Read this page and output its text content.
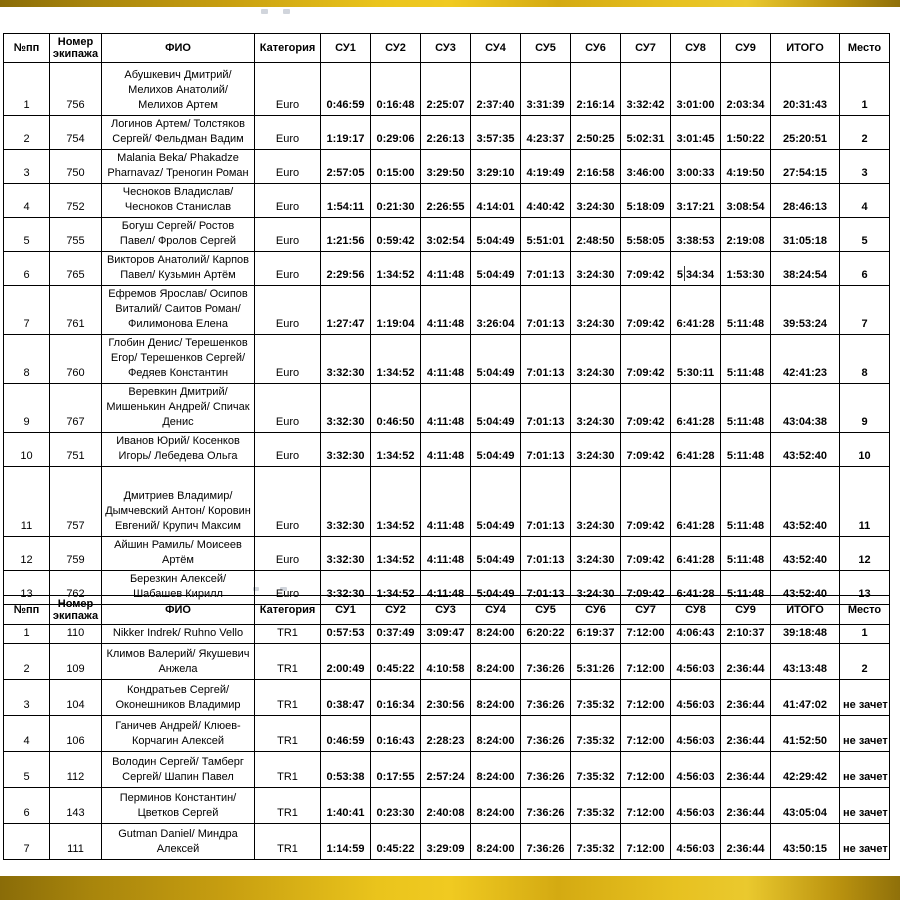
№пп	Номер экипажа	ФИО	Категория	СУ1	СУ2	СУ3	СУ4	СУ5	СУ6	СУ7	СУ8	СУ9	ИТОГО	Место
1	756	Абушкевич Дмитрий/ Мелихов Анатолий/ Мелихов Артем	Euro	0:46:59	0:16:48	2:25:07	2:37:40	3:31:39	2:16:14	3:32:42	3:01:00	2:03:34	20:31:43	1
2	754	Логинов Артем/ Толстяков Сергей/ Фельдман Вадим	Euro	1:19:17	0:29:06	2:26:13	3:57:35	4:23:37	2:50:25	5:02:31	3:01:45	1:50:22	25:20:51	2
3	750	Malania Beka/ Phakadze Pharnavaz/ Треногин Роман	Euro	2:57:05	0:15:00	3:29:50	3:29:10	4:19:49	2:16:58	3:46:00	3:00:33	4:19:50	27:54:15	3
4	752	Чесноков Владислав/ Чесноков Станислав	Euro	1:54:11	0:21:30	2:26:55	4:14:01	4:40:42	3:24:30	5:18:09	3:17:21	3:08:54	28:46:13	4
5	755	Богуш Сергей/ Ростов Павел/ Фролов Сергей	Euro	1:21:56	0:59:42	3:02:54	5:04:49	5:51:01	2:48:50	5:58:05	3:38:53	2:19:08	31:05:18	5
6	765	Викторов Анатолий/ Карпов Павел/ Кузьмин Артём	Euro	2:29:56	1:34:52	4:11:48	5:04:49	7:01:13	3:24:30	7:09:42	5 34:34	1:53:30	38:24:54	6
7	761	Ефремов Ярослав/ Осипов Виталий/ Саитов Роман/ Филимонова Елена	Euro	1:27:47	1:19:04	4:11:48	3:26:04	7:01:13	3:24:30	7:09:42	6:41:28	5:11:48	39:53:24	7
8	760	Глобин Денис/ Терешенков Егор/ Терешенков Сергей/ Федяев Константин	Euro	3:32:30	1:34:52	4:11:48	5:04:49	7:01:13	3:24:30	7:09:42	5:30:11	5:11:48	42:41:23	8
9	767	Веревкин Дмитрий/ Мишенькин Андрей/ Спичак Денис	Euro	3:32:30	0:46:50	4:11:48	5:04:49	7:01:13	3:24:30	7:09:42	6:41:28	5:11:48	43:04:38	9
10	751	Иванов Юрий/ Косенков Игорь/ Лебедева Ольга	Euro	3:32:30	1:34:52	4:11:48	5:04:49	7:01:13	3:24:30	7:09:42	6:41:28	5:11:48	43:52:40	10
11	757	Дмитриев Владимир/ Дымчевский Антон/ Коровин Евгений/ Крупич Максим	Euro	3:32:30	1:34:52	4:11:48	5:04:49	7:01:13	3:24:30	7:09:42	6:41:28	5:11:48	43:52:40	11
12	759	Айшин Рамиль/ Моисеев Артём	Euro	3:32:30	1:34:52	4:11:48	5:04:49	7:01:13	3:24:30	7:09:42	6:41:28	5:11:48	43:52:40	12
13	762	Березкин Алексей/ Шабашев Кирилл	Euro	3:32:30	1:34:52	4:11:48	5:04:49	7:01:13	3:24:30	7:09:42	6:41:28	5:11:48	43:52:40	13
№пп	Номер экипажа	ФИО	Категория	СУ1	СУ2	СУ3	СУ4	СУ5	СУ6	СУ7	СУ8	СУ9	ИТОГО	Место
1	110	Nikker Indrek/ Ruhno Vello	TR1	0:57:53	0:37:49	3:09:47	8:24:00	6:20:22	6:19:37	7:12:00	4:06:43	2:10:37	39:18:48	1
2	109	Климов Валерий/ Якушевич Анжела	TR1	2:00:49	0:45:22	4:10:58	8:24:00	7:36:26	5:31:26	7:12:00	4:56:03	2:36:44	43:13:48	2
3	104	Кондратьев Сергей/ Оконешников Владимир	TR1	0:38:47	0:16:34	2:30:56	8:24:00	7:36:26	7:35:32	7:12:00	4:56:03	2:36:44	41:47:02	не зачет
4	106	Ганичев Андрей/ Клюев-Корчагин Алексей	TR1	0:46:59	0:16:43	2:28:23	8:24:00	7:36:26	7:35:32	7:12:00	4:56:03	2:36:44	41:52:50	не зачет
5	112	Володин Сергей/ Тамберг Сергей/ Шапин Павел	TR1	0:53:38	0:17:55	2:57:24	8:24:00	7:36:26	7:35:32	7:12:00	4:56:03	2:36:44	42:29:42	не зачет
6	143	Перминов Константин/ Цветков Сергей	TR1	1:40:41	0:23:30	2:40:08	8:24:00	7:36:26	7:35:32	7:12:00	4:56:03	2:36:44	43:05:04	не зачет
7	111	Gutman Daniel/ Миндра Алексей	TR1	1:14:59	0:45:22	3:29:09	8:24:00	7:36:26	7:35:32	7:12:00	4:56:03	2:36:44	43:50:15	не зачет
